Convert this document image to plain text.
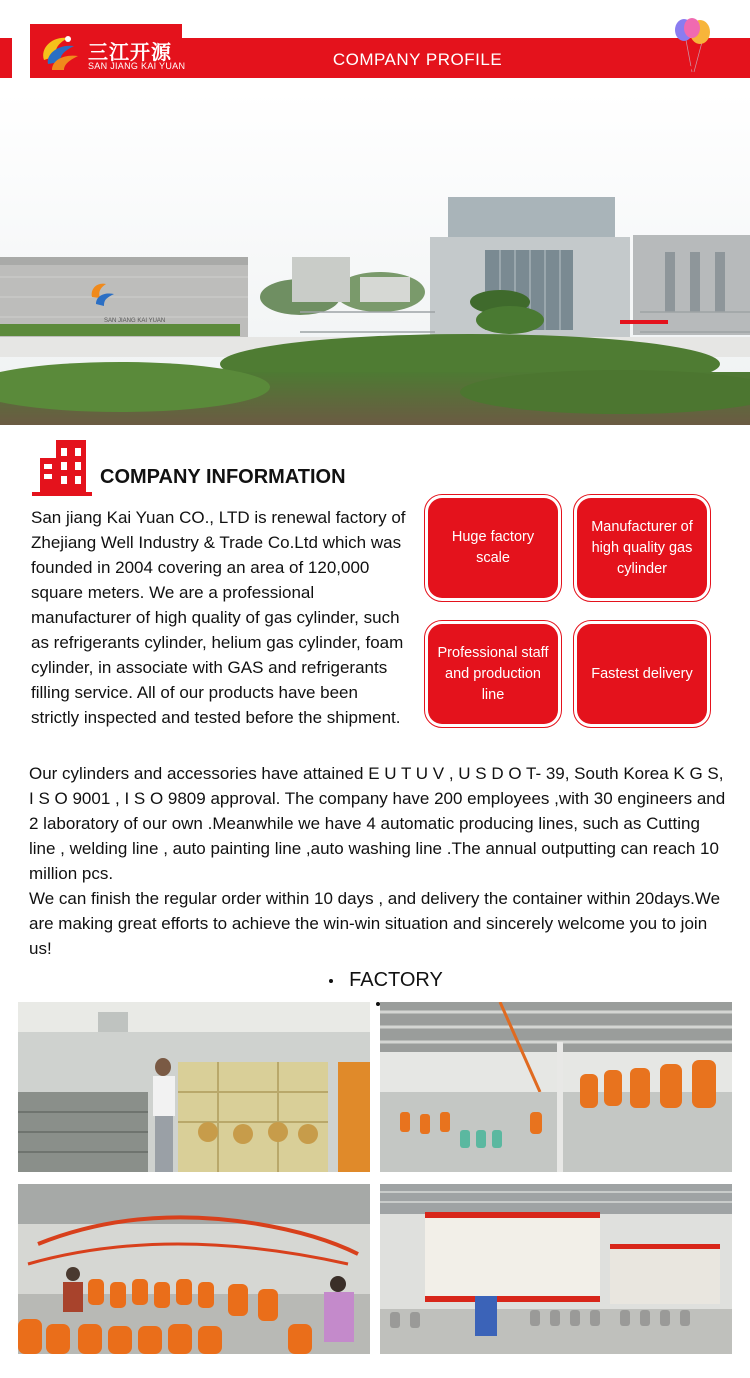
三江开源
SAN JIANG KAI YUAN	COMPANY PROFILE
SAN JIANG KAI YUAN
COMPANY INFORMATION

San jiang Kai Yuan CO., LTD is renewal factory of Zhejiang Well Industry & Trade Co.Ltd which was founded in 2004 covering an area of 120,000 square meters. We are a professional manufacturer of high quality of gas cylinder, such as refrigerants cylinder, helium gas cylinder, foam cylinder, in associate with GAS and refrigerants filling service. All of our products have been strictly inspected and tested before the shipment.

Huge factory scale
Manufacturer of high quality gas cylinder
Professional staff and production line
Fastest delivery
Our cylinders and accessories have attained E U T U V , U S D O T- 39, South Korea K G S, I S O 9001 , I S O 9809 approval. The company have 200 employees ,with 30 engineers and 2 laboratory of our own .Meanwhile we have 4 automatic producing lines, such as Cutting line , welding line , auto painting line ,auto washing line .The annual outputting can reach 10 million pcs.
We can finish the regular order within 10 days , and delivery the container within 20days.We are making great efforts to achieve the win-win situation and sincerely welcome you to join us!
FACTORY
